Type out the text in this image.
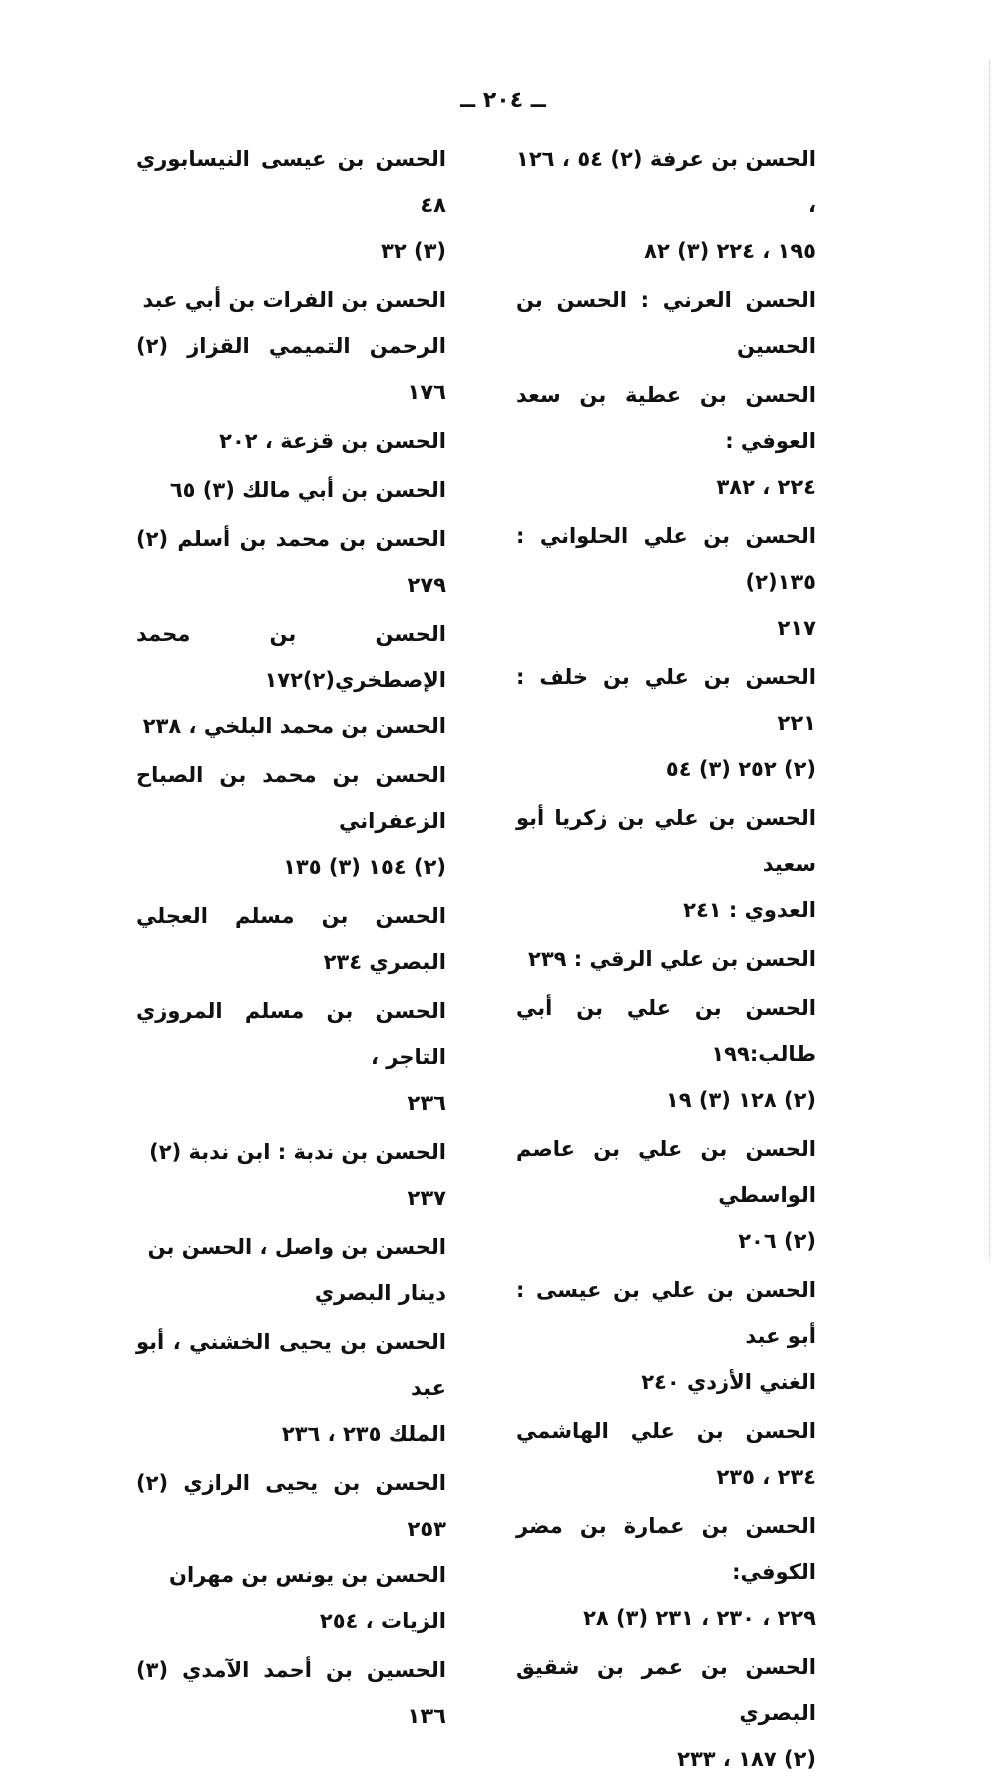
ــ ٢٠٤ ــ
الحسن بن عرفة (٢) ٥٤ ، ١٢٦ ،
١٩٥ ، ٢٢٤ (٣) ٨٢
الحسن العرني : الحسن بن الحسين
الحسن بن عطية بن سعد العوفي :
٢٢٤ ، ٣٨٢
الحسن بن علي الحلواني : ١٣٥(٢)
٢١٧
الحسن بن علي بن خلف : ٢٢١
(٢) ٢٥٢ (٣) ٥٤
الحسن بن علي بن زكريا أبو سعيد
العدوي : ٢٤١
الحسن بن علي الرقي : ٢٣٩
الحسن بن علي بن أبي طالب:١٩٩
(٢) ١٢٨ (٣) ١٩
الحسن بن علي بن عاصم الواسطي
(٢) ٢٠٦
الحسن بن علي بن عيسى : أبو عبد
الغني الأزدي ٢٤٠
الحسن بن علي الهاشمي ٢٣٤ ، ٢٣٥
الحسن بن عمارة بن مضر الكوفي:
٢٢٩ ، ٢٣٠ ، ٢٣١ (٣) ٢٨
الحسن بن عمر بن شقيق البصري
(٢) ١٨٧ ، ٢٣٣
الحسن بن عيسى النيسابوري ٤٨
(٣) ٣٢
الحسن بن الفرات بن أبي عبد
الرحمن التميمي القزاز (٢) ١٧٦
الحسن بن قزعة ، ٢٠٢
الحسن بن أبي مالك (٣) ٦٥
الحسن بن محمد بن أسلم (٢) ٢٧٩
الحسن بن محمد الإصطخري(٢)١٧٢
الحسن بن محمد البلخي ، ٢٣٨
الحسن بن محمد بن الصباح الزعفراني
(٢) ١٥٤ (٣) ١٣٥
الحسن بن مسلم العجلي البصري ٢٣٤
الحسن بن مسلم المروزي التاجر ،
٢٣٦
الحسن بن ندبة : ابن ندبة (٢)
٢٣٧
الحسن بن واصل ، الحسن بن
دينار البصري
الحسن بن يحيى الخشني ، أبو عبد
الملك ٢٣٥ ، ٢٣٦
الحسن بن يحيى الرازي (٢) ٢٥٣
الحسن بن يونس بن مهران
الزيات ، ٢٥٤
الحسين بن أحمد الآمدي (٣) ١٣٦
